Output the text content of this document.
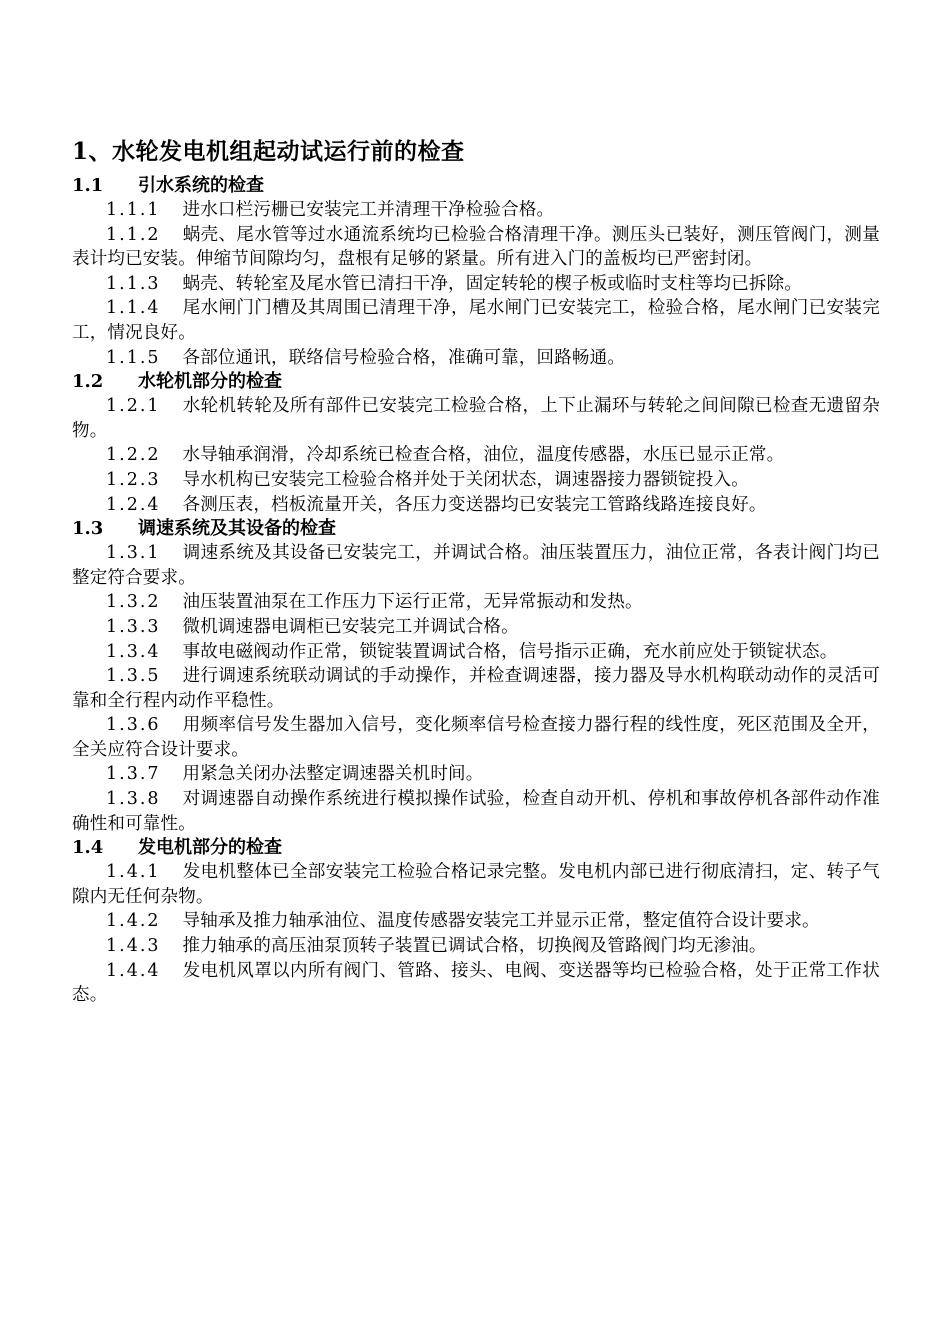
1、水轮发电机组起动试运行前的检查

1.1 引水系统的检查

1.1.1 进水口栏污栅已安装完工并清理干净检验合格。

1.1.2 蜗壳、尾水管等过水通流系统均已检验合格清理干净。测压头已装好，测压管阀门，测量表计均已安装。伸缩节间隙均匀，盘根有足够的紧量。所有进入门的盖板均已严密封闭。

1.1.3 蜗壳、转轮室及尾水管已清扫干净，固定转轮的楔子板或临时支柱等均已拆除。

1.1.4 尾水闸门门槽及其周围已清理干净，尾水闸门已安装完工，检验合格，尾水闸门已安装完工，情况良好。

1.1.5 各部位通讯，联络信号检验合格，准确可靠，回路畅通。

1.2 水轮机部分的检查

1.2.1 水轮机转轮及所有部件已安装完工检验合格，上下止漏环与转轮之间间隙已检查无遗留杂物。

1.2.2 水导轴承润滑，冷却系统已检查合格，油位，温度传感器，水压已显示正常。

1.2.3 导水机构已安装完工检验合格并处于关闭状态，调速器接力器锁锭投入。

1.2.4 各测压表，档板流量开关，各压力变送器均已安装完工管路线路连接良好。

1.3 调速系统及其设备的检查

1.3.1 调速系统及其设备已安装完工，并调试合格。油压装置压力，油位正常，各表计阀门均已整定符合要求。

1.3.2 油压装置油泵在工作压力下运行正常，无异常振动和发热。

1.3.3 微机调速器电调柜已安装完工并调试合格。

1.3.4 事故电磁阀动作正常，锁锭装置调试合格，信号指示正确，充水前应处于锁锭状态。

1.3.5 进行调速系统联动调试的手动操作，并检查调速器，接力器及导水机构联动动作的灵活可靠和全行程内动作平稳性。

1.3.6 用频率信号发生器加入信号，变化频率信号检查接力器行程的线性度，死区范围及全开，全关应符合设计要求。

1.3.7 用紧急关闭办法整定调速器关机时间。

1.3.8 对调速器自动操作系统进行模拟操作试验，检查自动开机、停机和事故停机各部件动作准确性和可靠性。

1.4 发电机部分的检查

1.4.1 发电机整体已全部安装完工检验合格记录完整。发电机内部已进行彻底清扫，定、转子气隙内无任何杂物。

1.4.2 导轴承及推力轴承油位、温度传感器安装完工并显示正常，整定值符合设计要求。

1.4.3 推力轴承的高压油泵顶转子装置已调试合格，切换阀及管路阀门均无渗油。

1.4.4 发电机风罩以内所有阀门、管路、接头、电阀、变送器等均已检验合格，处于正常工作状态。
